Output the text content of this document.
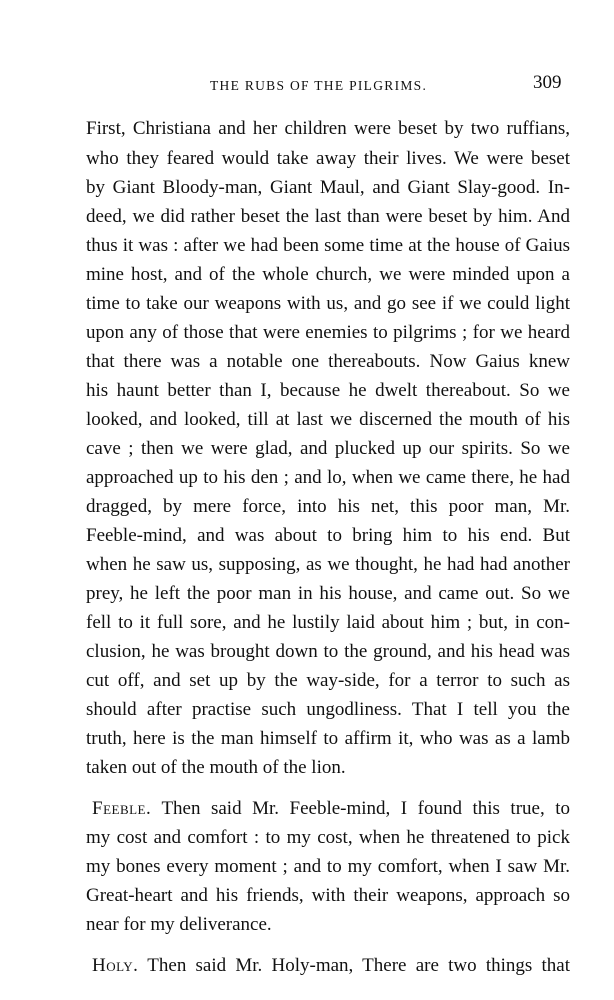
THE RUBS OF THE PILGRIMS.	309
First, Christiana and her children were beset by two ruffians,
who they feared would take away their lives. We were beset
by Giant Bloody-man, Giant Maul, and Giant Slay-good. In-
deed, we did rather beset the last than were beset by him. And
thus it was : after we had been some time at the house of Gaius
mine host, and of the whole church, we were minded upon a
time to take our weapons with us, and go see if we could light
upon any of those that were enemies to pilgrims ; for we heard
that there was a notable one thereabouts. Now Gaius knew
his haunt better than I, because he dwelt thereabout. So we
looked, and looked, till at last we discerned the mouth of his
cave ; then we were glad, and plucked up our spirits. So we
approached up to his den ; and lo, when we came there, he had
dragged, by mere force, into his net, this poor man, Mr.
Feeble-mind, and was about to bring him to his end. But
when he saw us, supposing, as we thought, he had had another
prey, he left the poor man in his house, and came out. So we
fell to it full sore, and he lustily laid about him ; but, in con-
clusion, he was brought down to the ground, and his head was
cut off, and set up by the way-side, for a terror to such as
should after practise such ungodliness. That I tell you the
truth, here is the man himself to affirm it, who was as a lamb
taken out of the mouth of the lion.
Feeble. Then said Mr. Feeble-mind, I found this true, to
my cost and comfort : to my cost, when he threatened to pick
my bones every moment ; and to my comfort, when I saw Mr.
Great-heart and his friends, with their weapons, approach so
near for my deliverance.
Holy. Then said Mr. Holy-man, There are two things that
